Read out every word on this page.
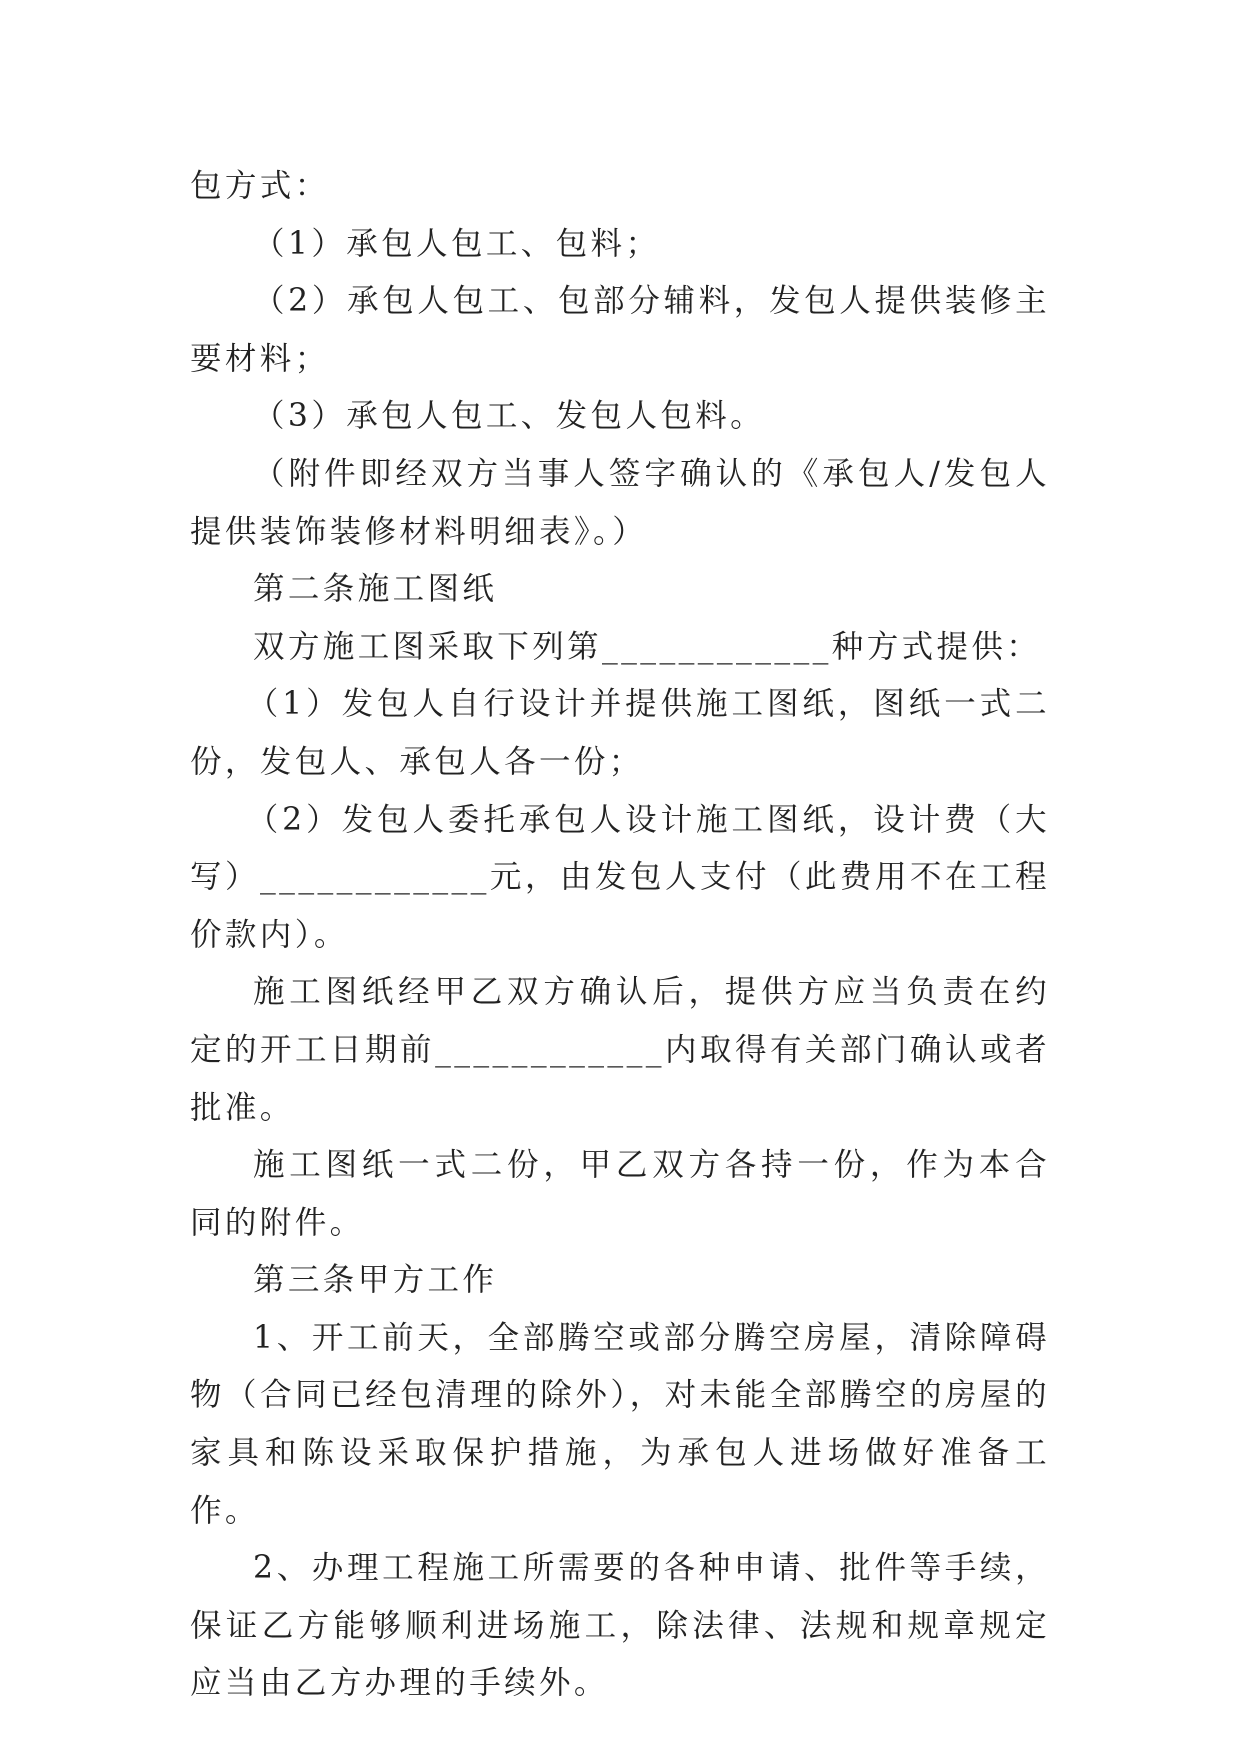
包方式：

（1）承包人包工、包料；

（2）承包人包工、包部分辅料，发包人提供装修主要材料；

（3）承包人包工、发包人包料。

（附件即经双方当事人签字确认的《承包人/发包人提供装饰装修材料明细表》。）

第二条施工图纸

双方施工图采取下列第____________种方式提供：

（1）发包人自行设计并提供施工图纸，图纸一式二份，发包人、承包人各一份；

（2）发包人委托承包人设计施工图纸，设计费（大写）____________元，由发包人支付（此费用不在工程价款内）。

施工图纸经甲乙双方确认后，提供方应当负责在约定的开工日期前____________内取得有关部门确认或者批准。

施工图纸一式二份，甲乙双方各持一份，作为本合同的附件。

第三条甲方工作

1、开工前天，全部腾空或部分腾空房屋，清除障碍物（合同已经包清理的除外），对未能全部腾空的房屋的家具和陈设采取保护措施，为承包人进场做好准备工作。

2、办理工程施工所需要的各种申请、批件等手续，保证乙方能够顺利进场施工，除法律、法规和规章规定应当由乙方办理的手续外。
